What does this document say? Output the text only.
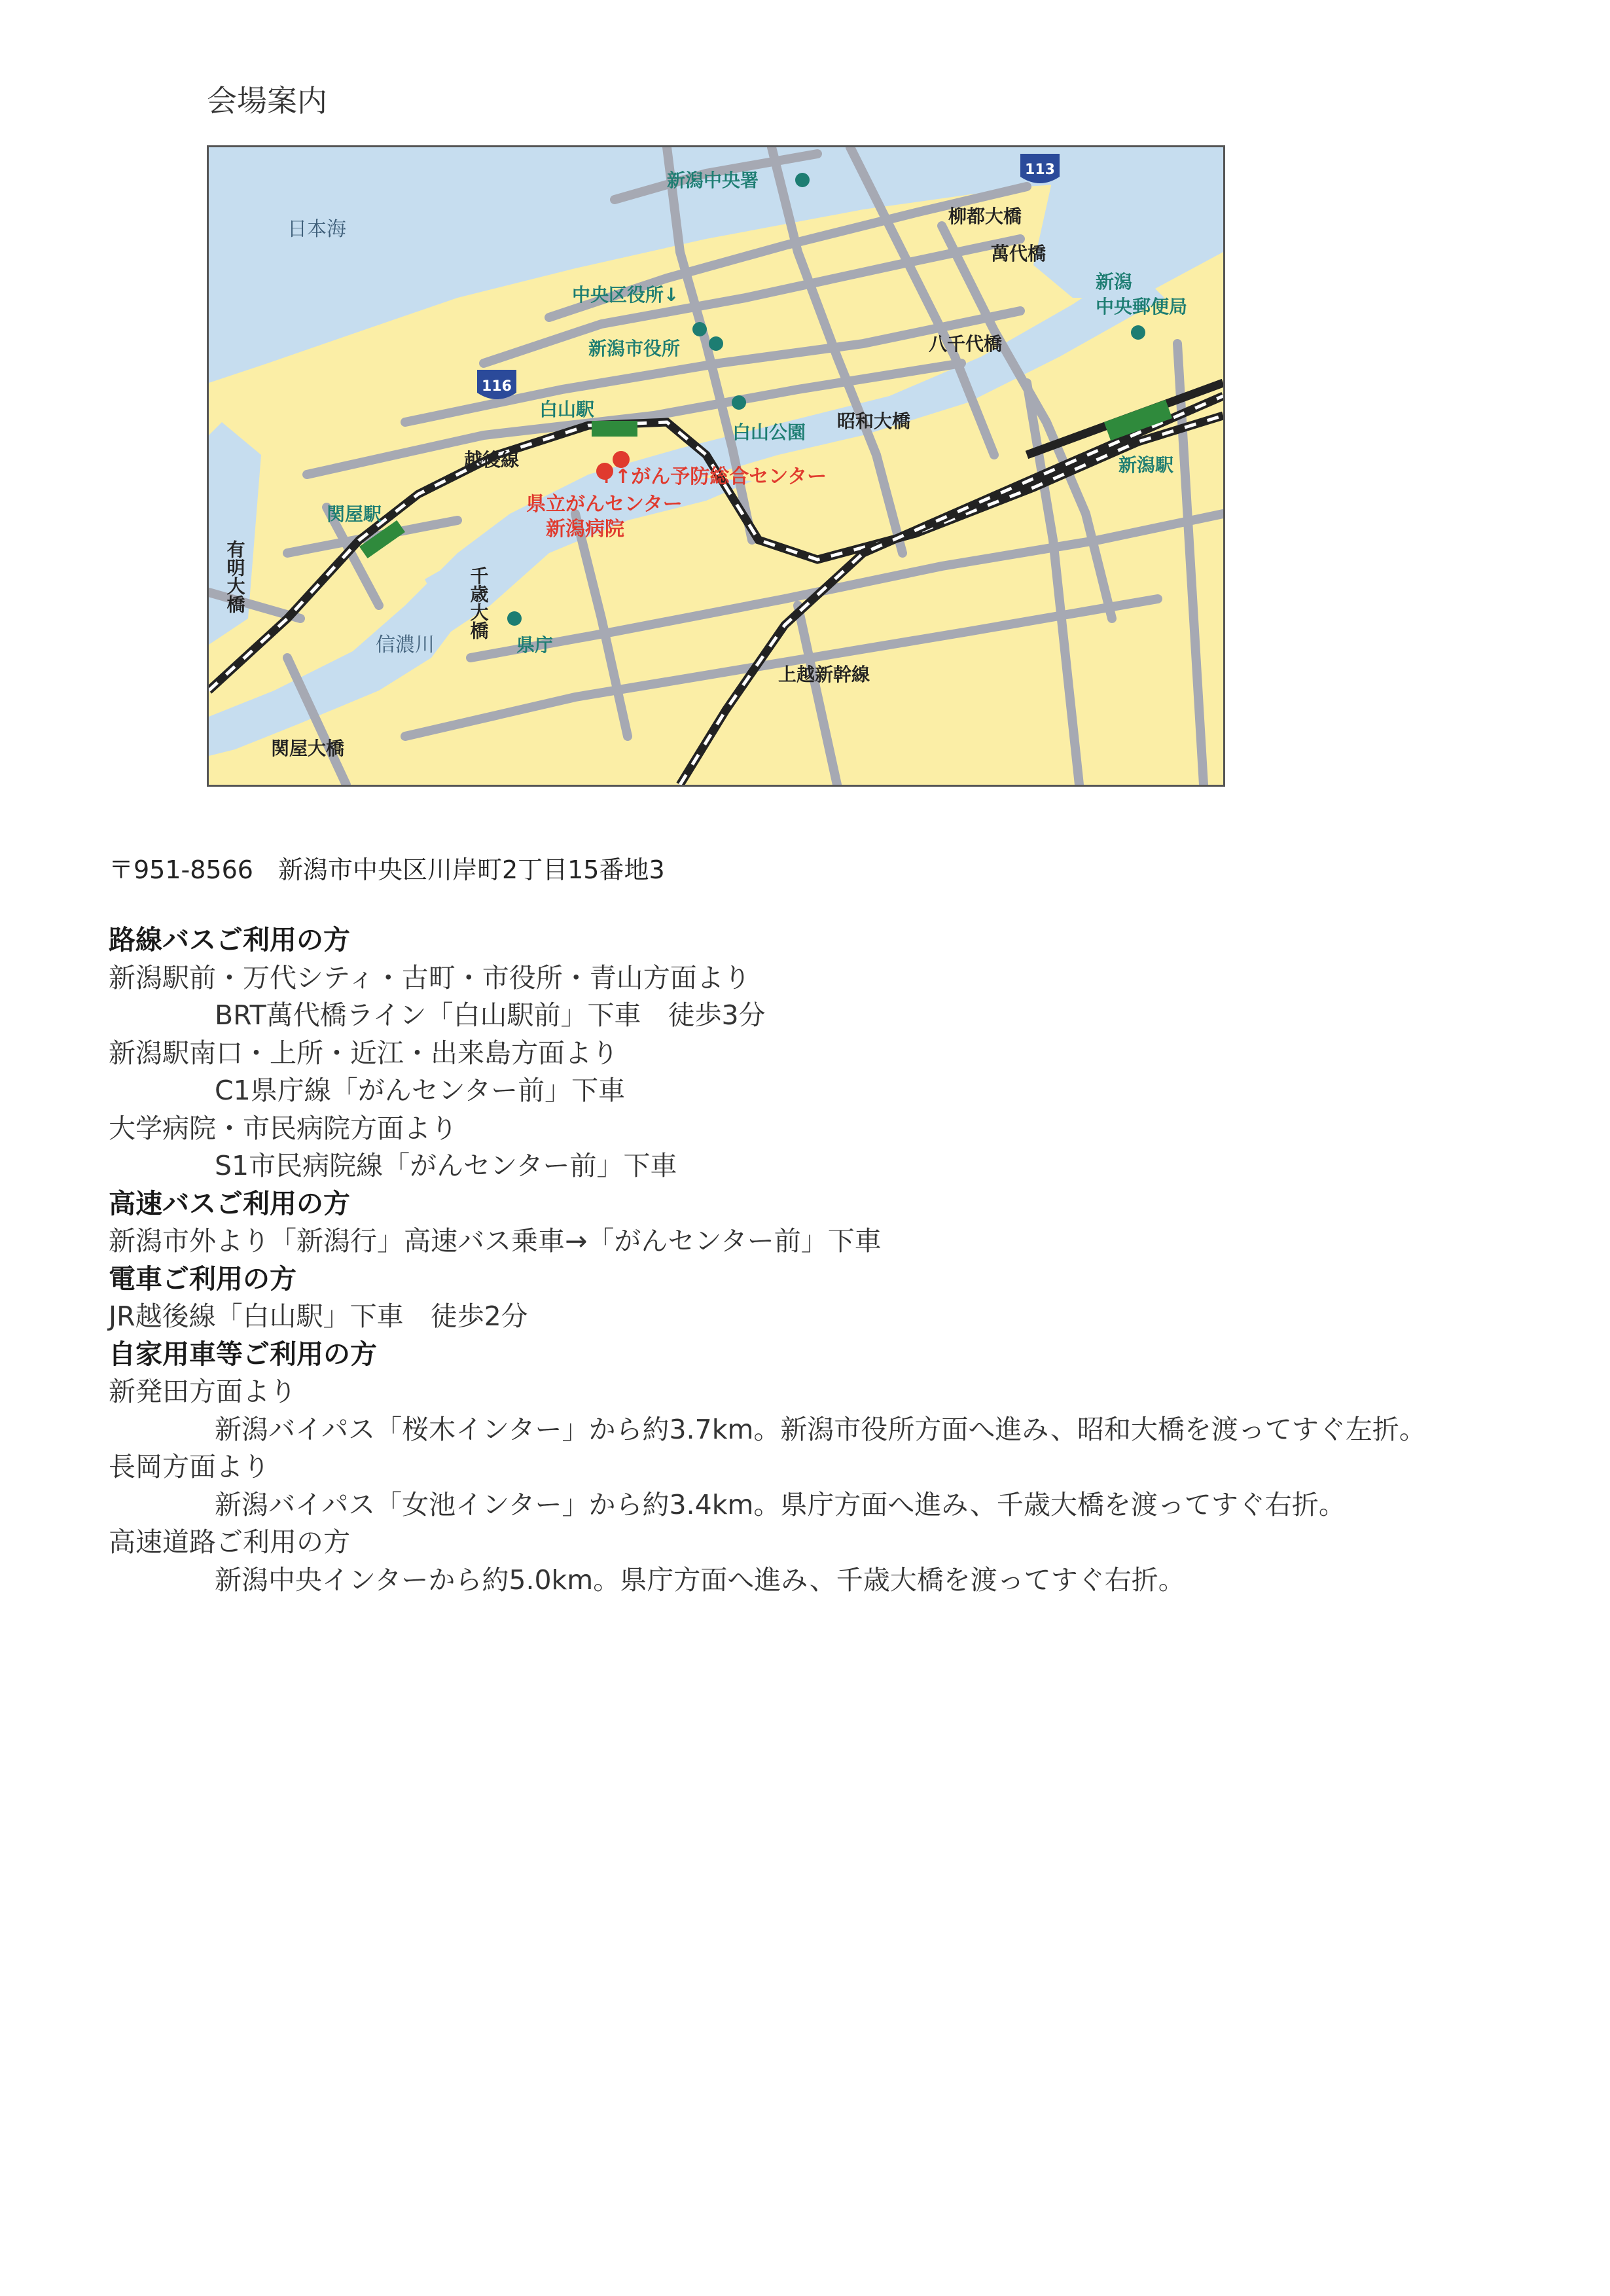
会場案内
116
113
日本海
新潟中央署
中央区役所↓
新潟市役所
白山駅
白山公園
昭和大橋
越後線
↑↑がん予防総合センター
県立がんセンター
新潟病院
関屋駅
有明大橋	千歳大橋
県庁
信濃川
関屋大橋
上越新幹線
新潟駅
柳都大橋
萬代橋
八千代橋
新潟
中央郵便局
〒951-8566　新潟市中央区川岸町2丁目15番地3
路線バスご利用の方
新潟駅前・万代シティ・古町・市役所・青山方面より
BRT萬代橋ライン「白山駅前」下車　徒歩3分
新潟駅南口・上所・近江・出来島方面より
C1県庁線「がんセンター前」下車
大学病院・市民病院方面より
S1市民病院線「がんセンター前」下車
高速バスご利用の方
新潟市外より「新潟行」高速バス乗車→「がんセンター前」下車
電車ご利用の方
JR越後線「白山駅」下車　徒歩2分
自家用車等ご利用の方
新発田方面より
新潟バイパス「桜木インター」から約3.7km。新潟市役所方面へ進み、昭和大橋を渡ってすぐ左折。
長岡方面より
新潟バイパス「女池インター」から約3.4km。県庁方面へ進み、千歳大橋を渡ってすぐ右折。
高速道路ご利用の方
新潟中央インターから約5.0km。県庁方面へ進み、千歳大橋を渡ってすぐ右折。
